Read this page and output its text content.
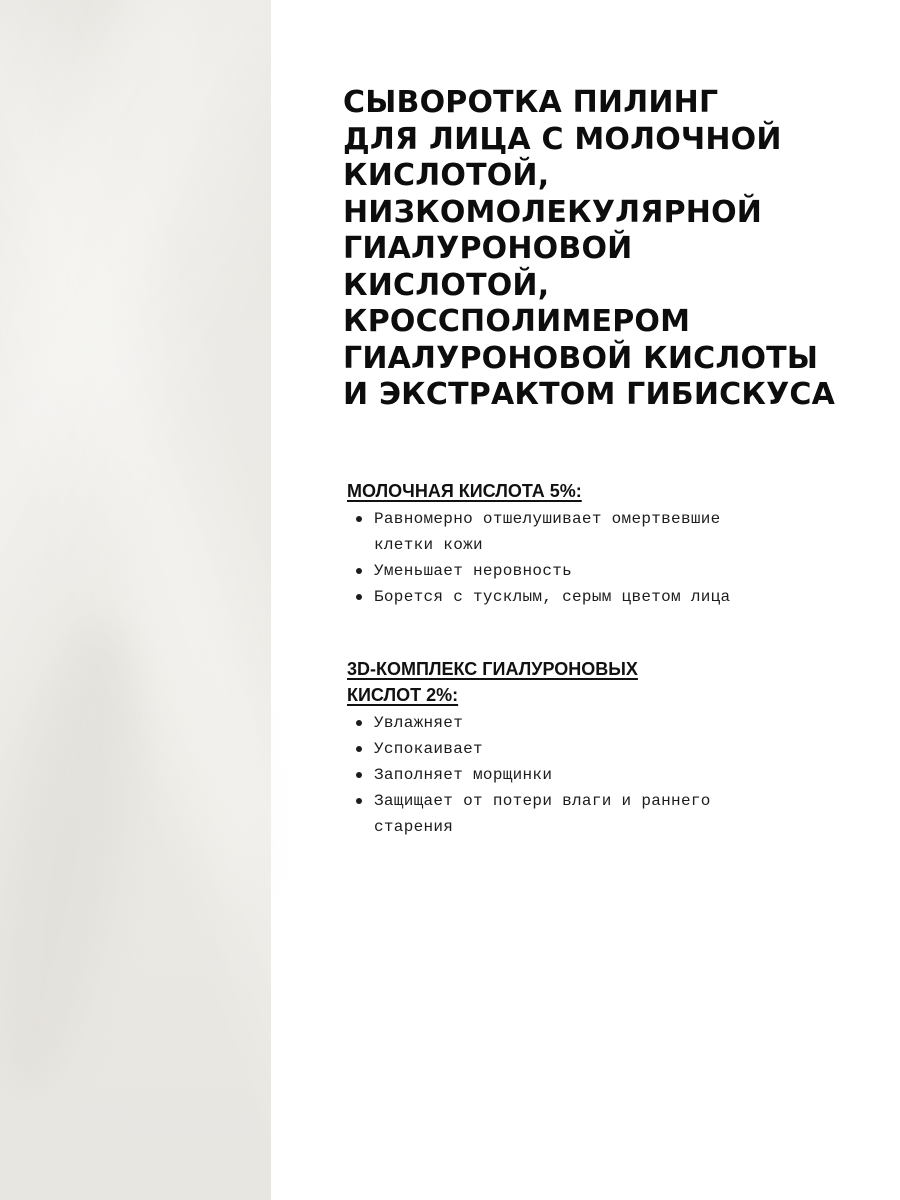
СЫВОРОТКА ПИЛИНГ
ДЛЯ ЛИЦА С МОЛОЧНОЙ
КИСЛОТОЙ,
НИЗКОМОЛЕКУЛЯРНОЙ
ГИАЛУРОНОВОЙ
КИСЛОТОЙ,
КРОССПОЛИМЕРОМ
ГИАЛУРОНОВОЙ КИСЛОТЫ
И ЭКСТРАКТОМ ГИБИСКУСА
МОЛОЧНАЯ КИСЛОТА 5%:
Равномерно отшелушивает омертвевшие
клетки кожи
Уменьшает неровность
Борется с тусклым, серым цветом лица
3D-КОМПЛЕКС ГИАЛУРОНОВЫХ
КИСЛОТ 2%:
Увлажняет
Успокаивает
Заполняет морщинки
Защищает от потери влаги и раннего
старения
